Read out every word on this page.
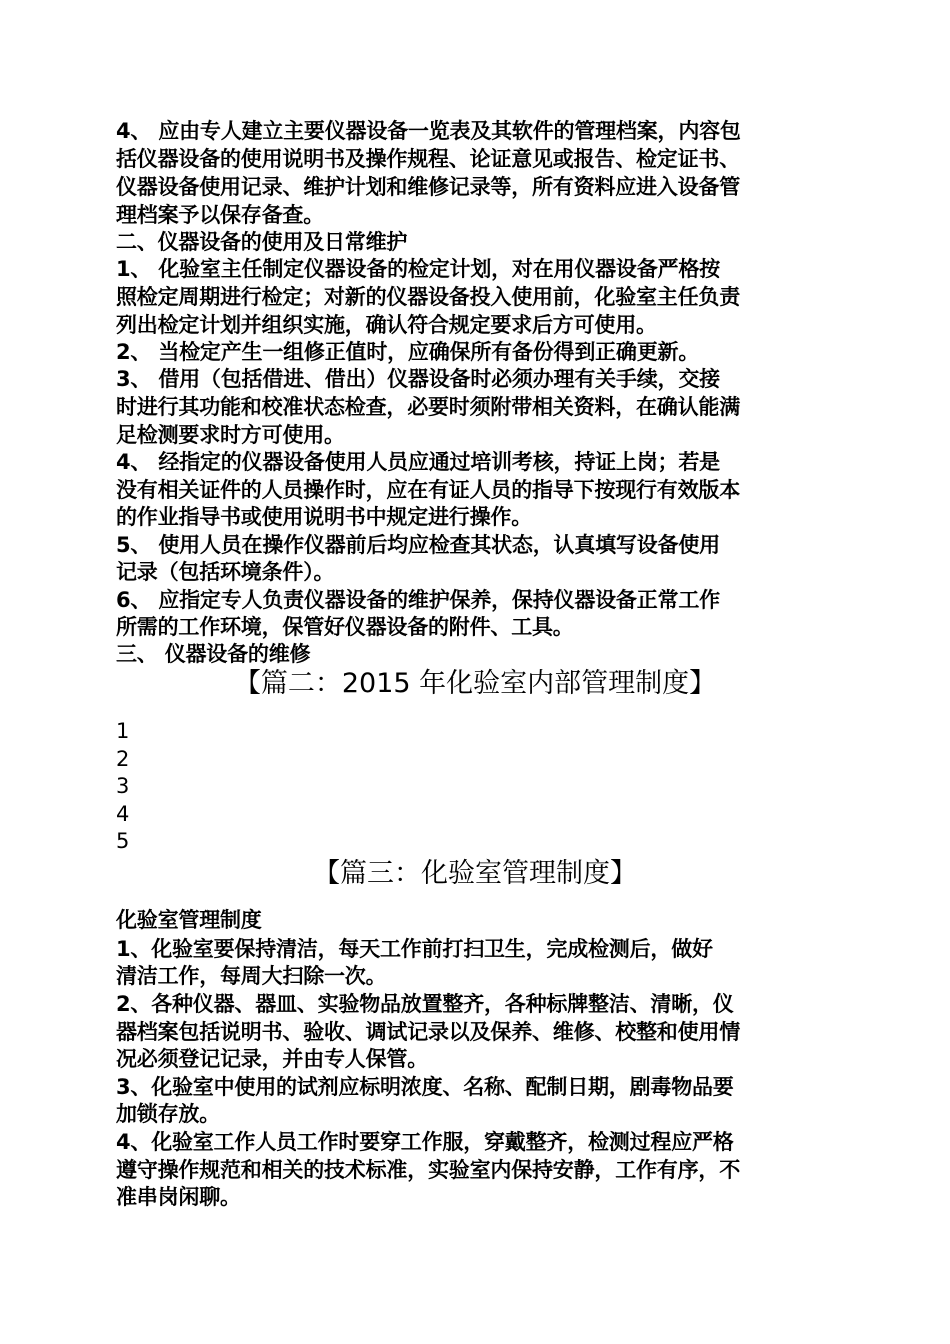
4、 应由专人建立主要仪器设备一览表及其软件的管理档案，内容包
括仪器设备的使用说明书及操作规程、论证意见或报告、检定证书、
仪器设备使用记录、维护计划和维修记录等，所有资料应进入设备管
理档案予以保存备查。
二、仪器设备的使用及日常维护
1、 化验室主任制定仪器设备的检定计划，对在用仪器设备严格按
照检定周期进行检定；对新的仪器设备投入使用前，化验室主任负责
列出检定计划并组织实施，确认符合规定要求后方可使用。
2、 当检定产生一组修正值时，应确保所有备份得到正确更新。
3、 借用（包括借进、借出）仪器设备时必须办理有关手续，交接
时进行其功能和校准状态检查，必要时须附带相关资料，在确认能满
足检测要求时方可使用。
4、 经指定的仪器设备使用人员应通过培训考核，持证上岗；若是
没有相关证件的人员操作时，应在有证人员的指导下按现行有效版本
的作业指导书或使用说明书中规定进行操作。
5、 使用人员在操作仪器前后均应检查其状态，认真填写设备使用
记录（包括环境条件）。
6、 应指定专人负责仪器设备的维护保养，保持仪器设备正常工作
所需的工作环境，保管好仪器设备的附件、工具。
三、 仪器设备的维修
【篇二：2015 年化验室内部管理制度】
1
2
3
4
5
【篇三：化验室管理制度】
化验室管理制度
1、化验室要保持清洁，每天工作前打扫卫生，完成检测后，做好
清洁工作，每周大扫除一次。
2、各种仪器、器皿、实验物品放置整齐，各种标牌整洁、清晰，仪
器档案包括说明书、验收、调试记录以及保养、维修、校整和使用情
况必须登记记录，并由专人保管。
3、化验室中使用的试剂应标明浓度、名称、配制日期，剧毒物品要
加锁存放。
4、化验室工作人员工作时要穿工作服，穿戴整齐，检测过程应严格
遵守操作规范和相关的技术标准，实验室内保持安静，工作有序，不
准串岗闲聊。
